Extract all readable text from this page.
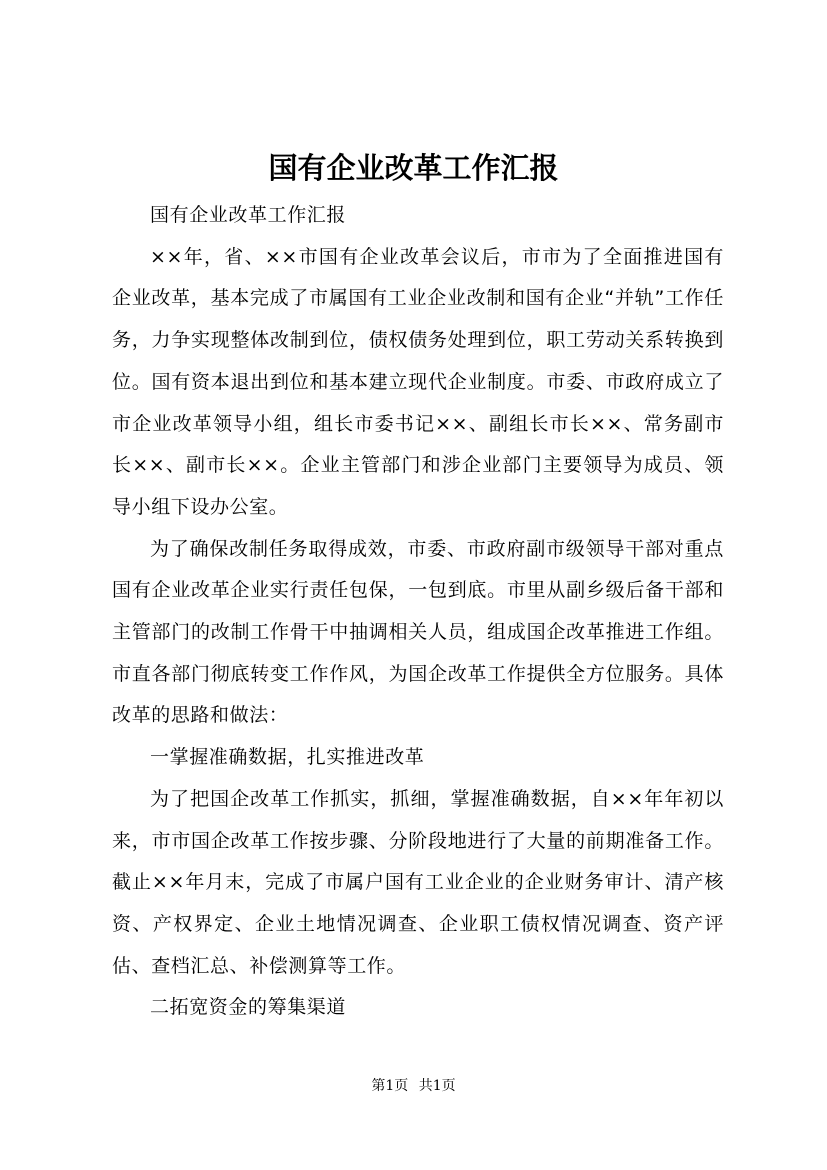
国有企业改革工作汇报

国有企业改革工作汇报

××年，省、××市国有企业改革会议后，市市为了全面推进国有企业改革，基本完成了市属国有工业企业改制和国有企业“并轨”工作任务，力争实现整体改制到位，债权债务处理到位，职工劳动关系转换到位。国有资本退出到位和基本建立现代企业制度。市委、市政府成立了市企业改革领导小组，组长市委书记××、副组长市长××、常务副市长××、副市长××。企业主管部门和涉企业部门主要领导为成员、领导小组下设办公室。

为了确保改制任务取得成效，市委、市政府副市级领导干部对重点国有企业改革企业实行责任包保，一包到底。市里从副乡级后备干部和主管部门的改制工作骨干中抽调相关人员，组成国企改革推进工作组。市直各部门彻底转变工作作风，为国企改革工作提供全方位服务。具体改革的思路和做法：

一掌握准确数据，扎实推进改革

为了把国企改革工作抓实，抓细，掌握准确数据，自××年年初以来，市市国企改革工作按步骤、分阶段地进行了大量的前期准备工作。截止××年月末，完成了市属户国有工业企业的企业财务审计、清产核资、产权界定、企业土地情况调查、企业职工债权情况调查、资产评估、查档汇总、补偿测算等工作。

二拓宽资金的筹集渠道

第1页 共1页
